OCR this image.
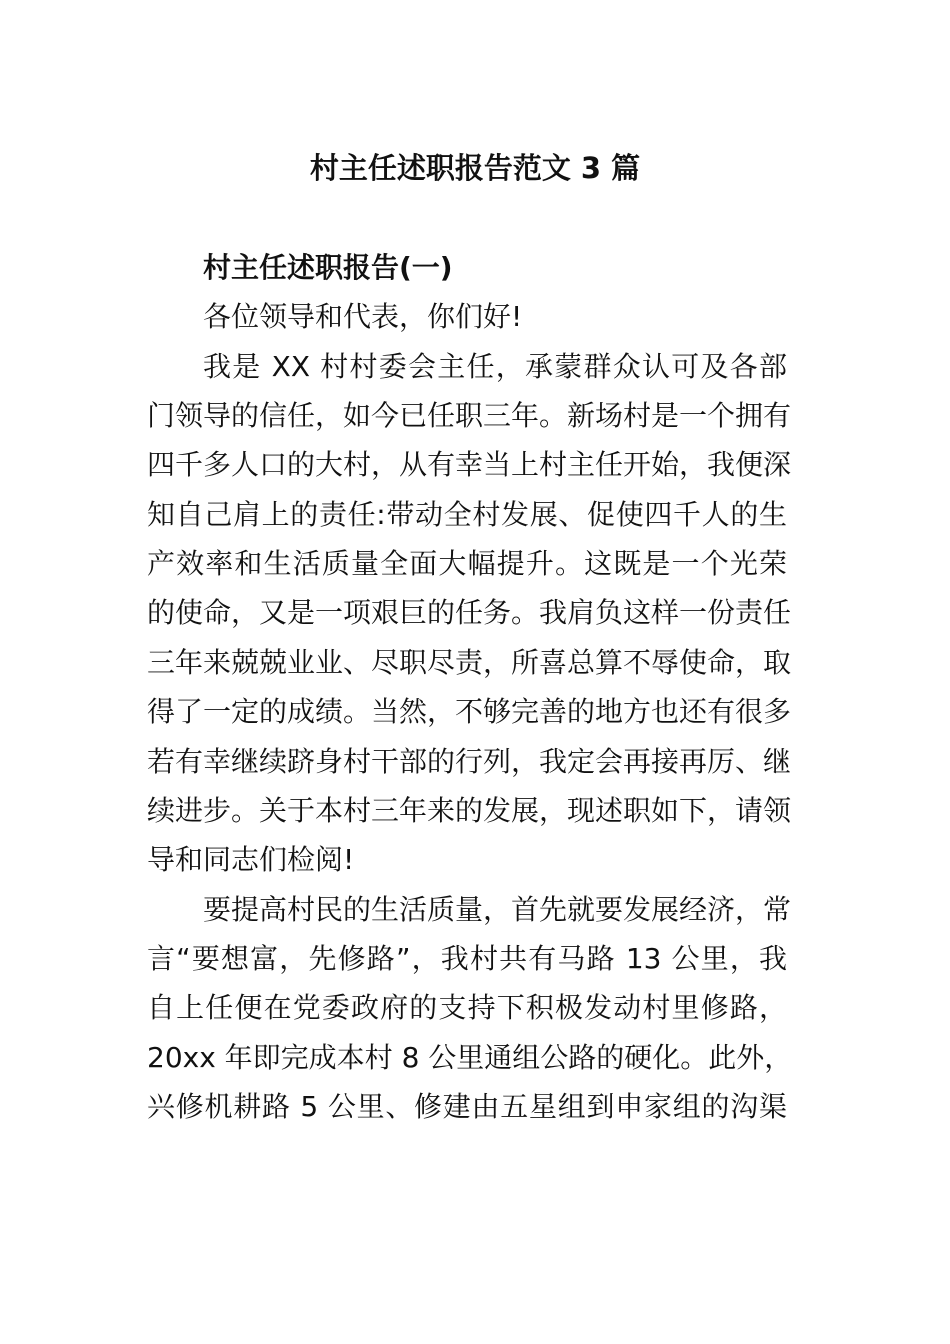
村主任述职报告范文 3 篇
村主任述职报告(一)
各位领导和代表，你们好!
我是 XX 村村委会主任，承蒙群众认可及各部
门领导的信任，如今已任职三年。新场村是一个拥有
四千多人口的大村，从有幸当上村主任开始，我便深
知自己肩上的责任:带动全村发展、促使四千人的生
产效率和生活质量全面大幅提升。这既是一个光荣
的使命，又是一项艰巨的任务。我肩负这样一份责任
三年来兢兢业业、尽职尽责，所喜总算不辱使命，取
得了一定的成绩。当然，不够完善的地方也还有很多
若有幸继续跻身村干部的行列，我定会再接再厉、继
续进步。关于本村三年来的发展，现述职如下，请领
导和同志们检阅!
要提高村民的生活质量，首先就要发展经济，常
言“要想富，先修路”，我村共有马路 13 公里，我
自上任便在党委政府的支持下积极发动村里修路，
20xx 年即完成本村 8 公里通组公路的硬化。此外，
兴修机耕路 5 公里、修建由五星组到申家组的沟渠
